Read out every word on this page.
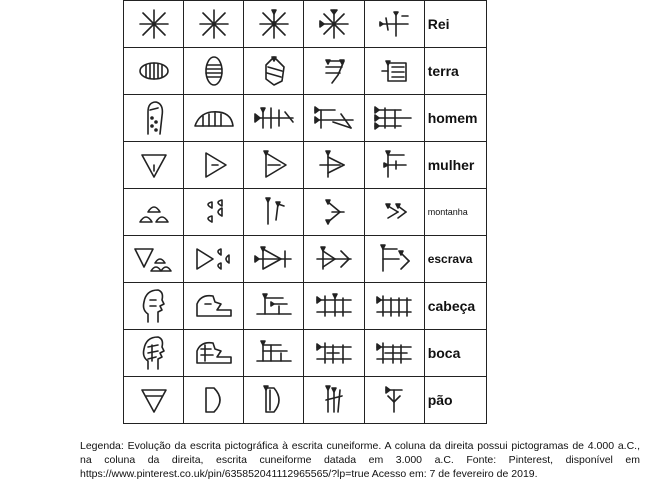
	Rei

	terra

	homem

	mulher

	montanha

	escrava

	cabeça

	boca

	pão
Legenda: Evolução da escrita pictográfica à escrita cuneiforme. A coluna da direita possui pictogramas de 4.000 a.C., na coluna da direita, escrita cuneiforme datada em 3.000 a.C. Fonte: Pinterest, disponível em https://www.pinterest.co.uk/pin/635852041112965565/?lp=true Acesso em: 7 de fevereiro de 2019.
